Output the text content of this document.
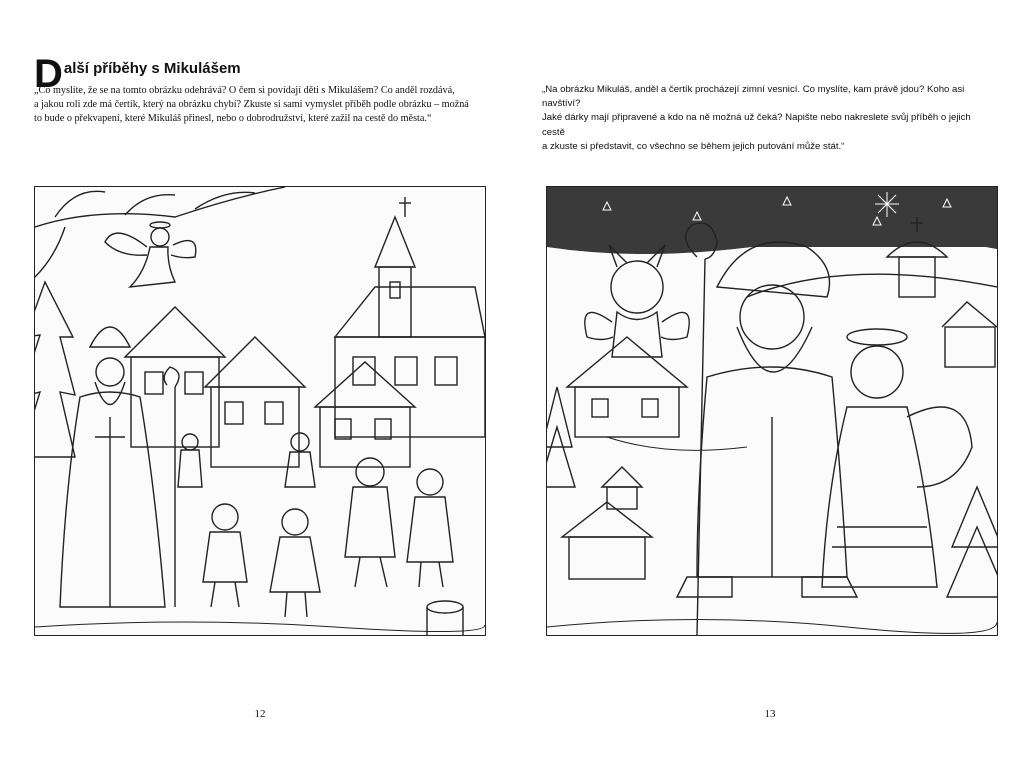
Další příběhy s Mikulášem

„Co myslíte, že se na tomto obrázku odehrává? O čem si povídají děti s Mikulášem? Co anděl rozdává,
a jakou roli zde má čertík, který na obrázku chybí? Zkuste si sami vymyslet příběh podle obrázku – možná
to bude o překvapení, které Mikuláš přinesl, nebo o dobrodružství, které zažil na cestě do města.“

12

„Na obrázku Mikuláš, anděl a čertík procházejí zimní vesnicí. Co myslíte, kam právě jdou? Koho asi navštíví?
Jaké dárky mají připravené a kdo na ně možná už čeká? Napište nebo nakreslete svůj příběh o jejich cestě
a zkuste si představit, co všechno se během jejich putování může stát.“

13
